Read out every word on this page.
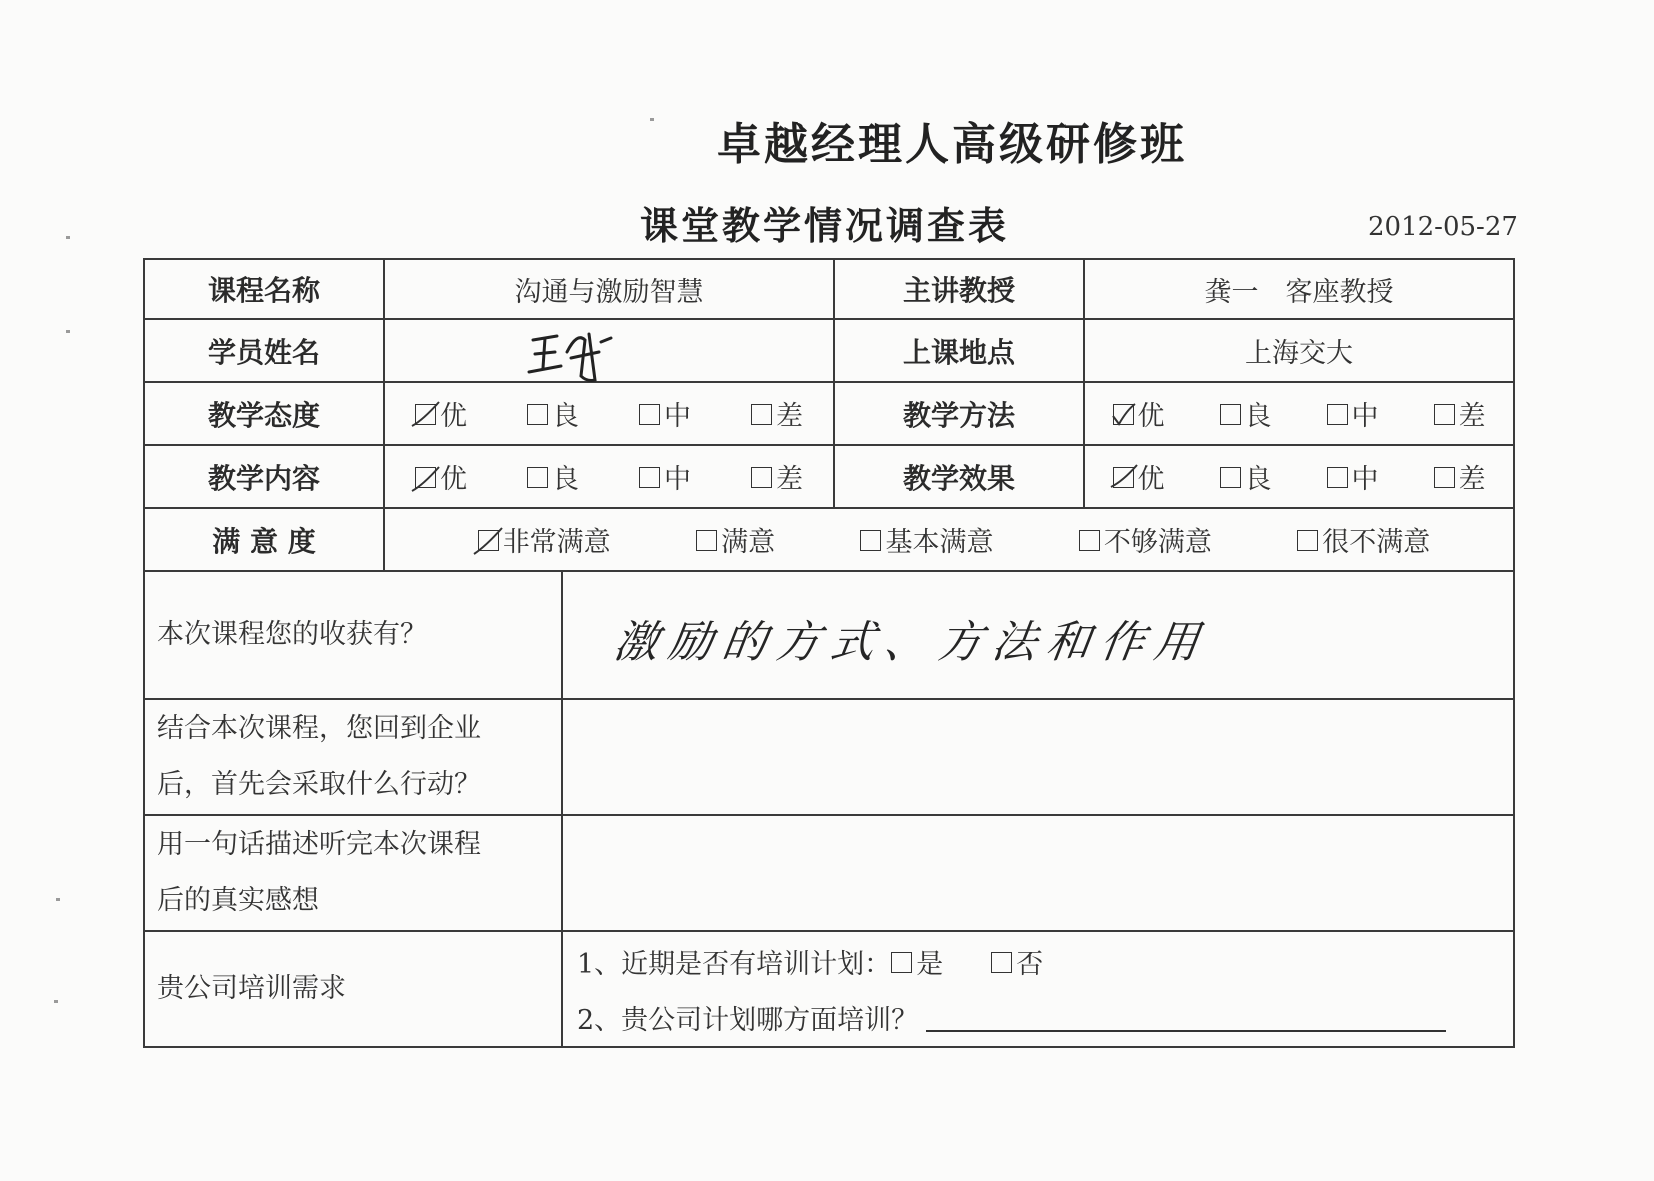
卓越经理人高级研修班
课堂教学情况调查表	2012-05-27
课程名称	沟通与激励智慧		主讲教授	龚一　客座教授
学员姓名			上课地点	上海交大
教学态度	优 良 中 差		教学方法	优 良 中 差

教学内容	优 良 中 差		教学效果	优 良 中 差

满 意 度	非常满意 满意 基本满意 不够满意 很不满意			

本次课程您的收获有？		激励的方式、方法和作用		

结合本次课程，您回到企业
后，首先会采取什么行动？				

用一句话描述听完本次课程
后的真实感想				

贵公司培训需求		1、近期是否有培训计划： 是 否
2、贵公司计划哪方面培训？		
